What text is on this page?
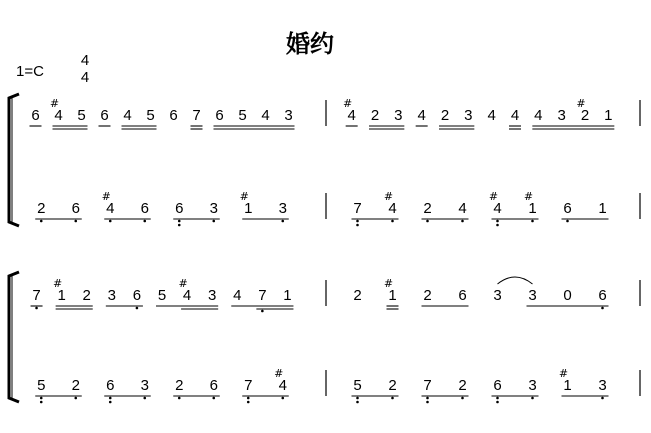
婚约
1=C
4
4
6 4
#
5 6 4 5 6 7 6 5 4 3	4
#
2 3 4 2 3 4 4 4 3 2
#
1
2 6 4
#
6 6 3 1
#
3	7 4
#
2 4 4
#
1
#
6 1
7 1
#
2 3 6 5 4
#
3 4 7 1	2 1
#
2 6 3 3 0 6
5 2 6 3 2 6 7 4
#
5 2 7 2 6 3 1
#
3
